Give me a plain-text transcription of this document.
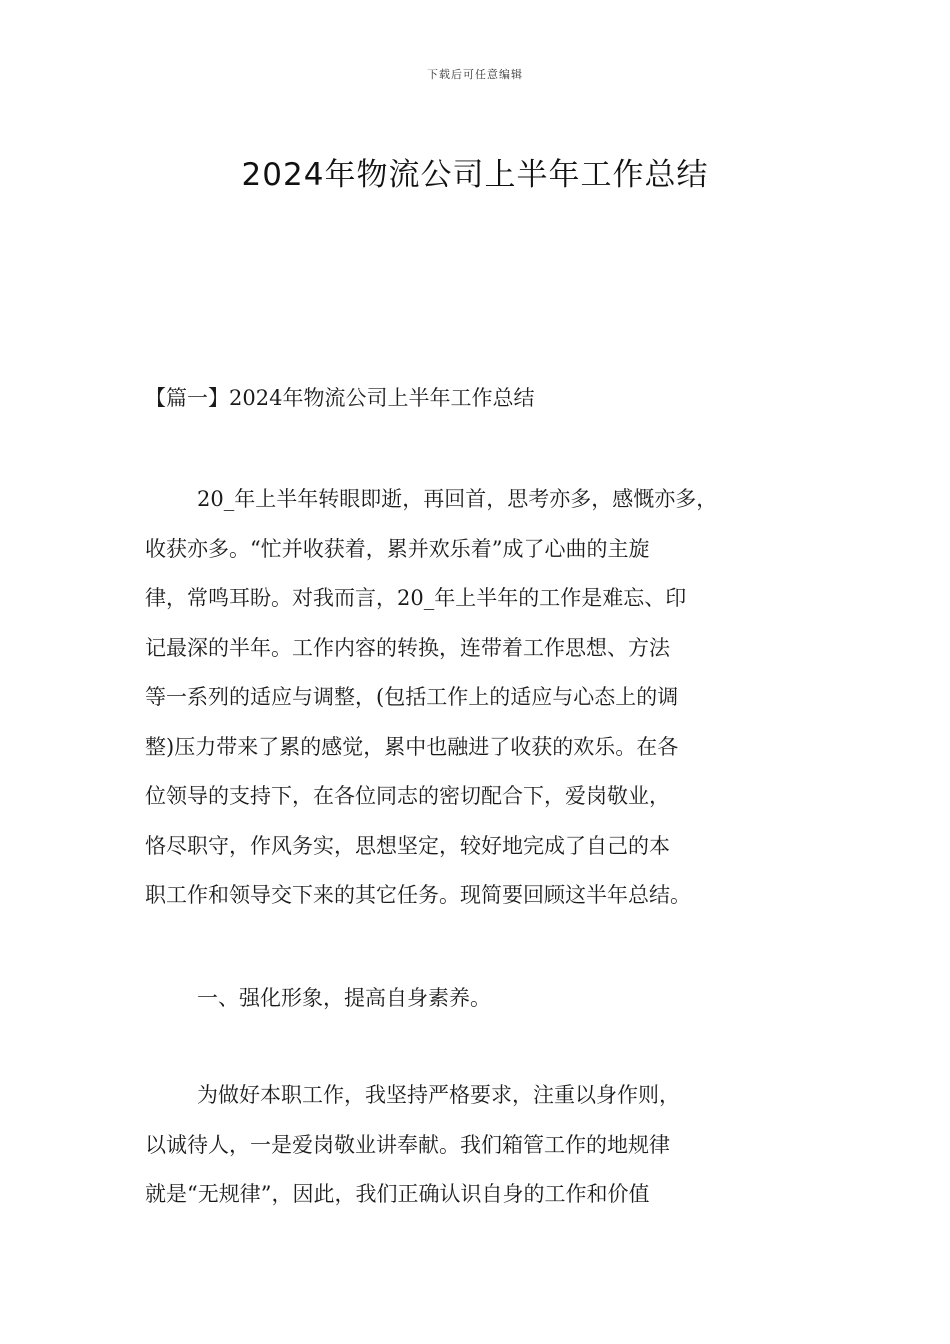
下载后可任意编辑
2024年物流公司上半年工作总结
【篇一】2024年物流公司上半年工作总结
20_年上半年转眼即逝，再回首，思考亦多，感慨亦多，
收获亦多。“忙并收获着，累并欢乐着”成了心曲的主旋
律，常鸣耳盼。对我而言，20_年上半年的工作是难忘、印
记最深的半年。工作内容的转换，连带着工作思想、方法
等一系列的适应与调整，(包括工作上的适应与心态上的调
整)压力带来了累的感觉，累中也融进了收获的欢乐。在各
位领导的支持下，在各位同志的密切配合下，爱岗敬业，
恪尽职守，作风务实，思想坚定，较好地完成了自己的本
职工作和领导交下来的其它任务。现简要回顾这半年总结。
一、强化形象，提高自身素养。
为做好本职工作，我坚持严格要求，注重以身作则，
以诚待人，一是爱岗敬业讲奉献。我们箱管工作的地规律
就是“无规律”，因此，我们正确认识自身的工作和价值
